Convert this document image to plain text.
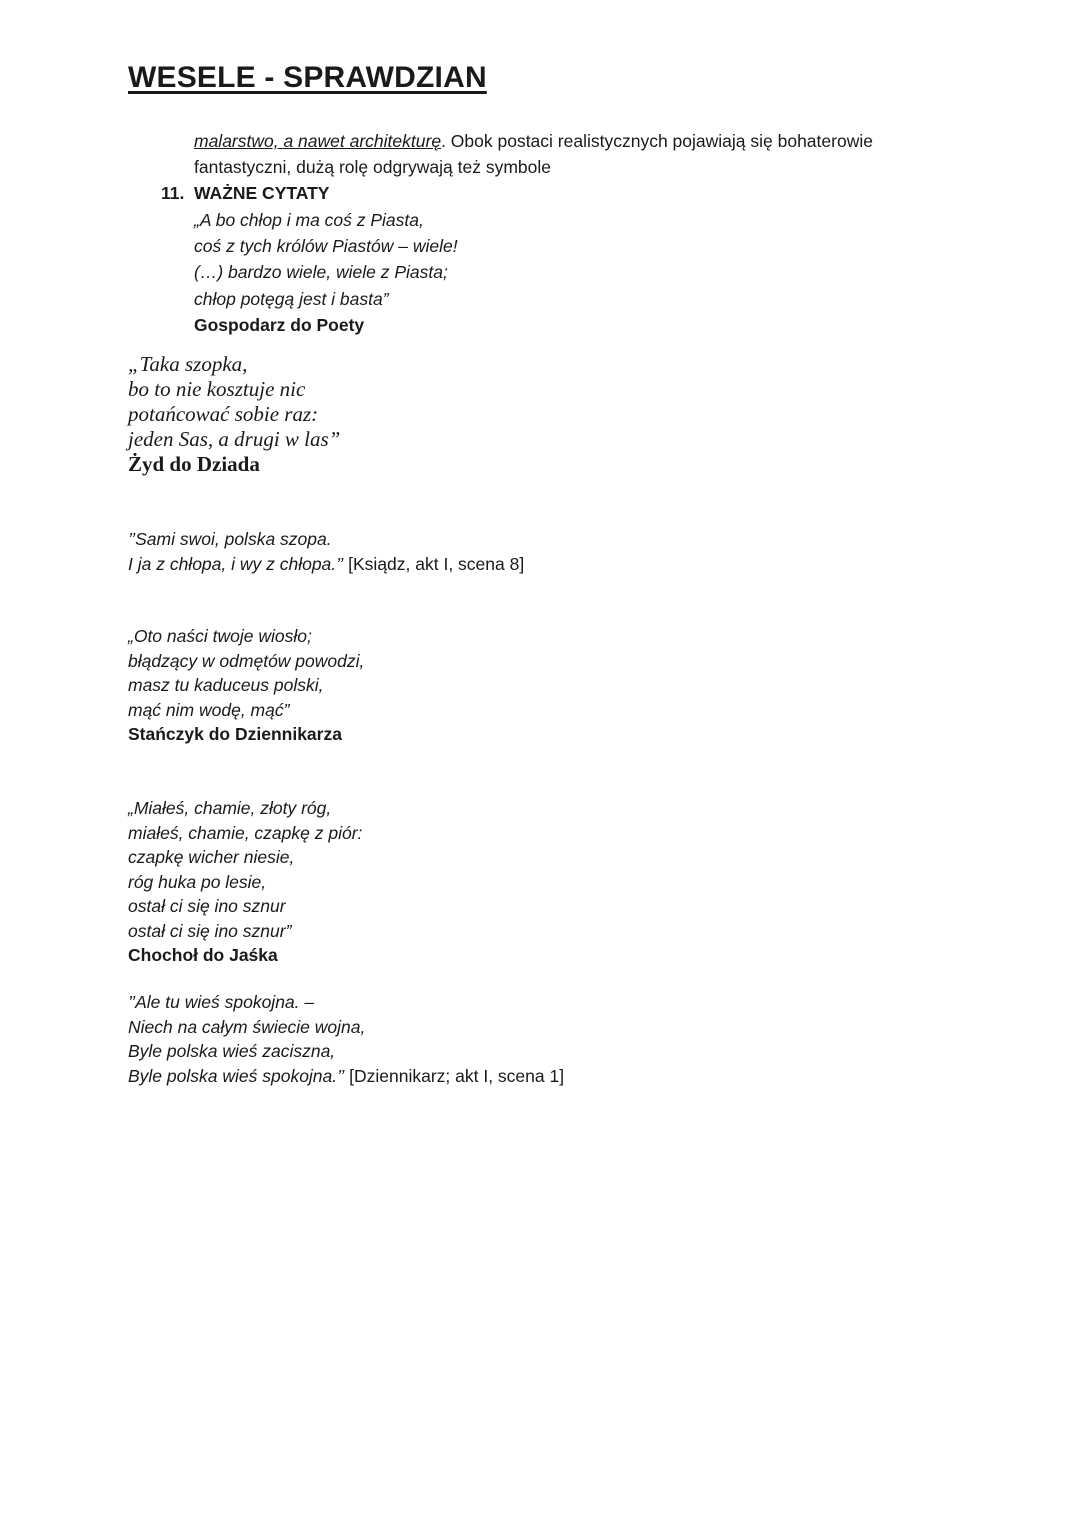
WESELE - SPRAWDZIAN
malarstwo, a nawet architekturę. Obok postaci realistycznych pojawiają się bohaterowie
fantastyczni, dużą rolę odgrywają też symbole
11. WAŻNE CYTATY
„A bo chłop i ma coś z Piasta,
coś z tych królów Piastów – wiele!
(…) bardzo wiele, wiele z Piasta;
chłop potęgą jest i basta”
Gospodarz do Poety
„Taka szopka,
bo to nie kosztuje nic
potańcować sobie raz:
jeden Sas, a drugi w las”
Żyd do Dziada
’’Sami swoi, polska szopa.
I ja z chłopa, i wy z chłopa.’’ [Ksiądz, akt I, scena 8]
„Oto naści twoje wiosło;
błądzący w odmętów powodzi,
masz tu kaduceus polski,
mąć nim wodę, mąć”
Stańczyk do Dziennikarza
„Miałeś, chamie, złoty róg,
miałeś, chamie, czapkę z piór:
czapkę wicher niesie,
róg huka po lesie,
ostał ci się ino sznur
ostał ci się ino sznur”
Chochoł do Jaśka
’’Ale tu wieś spokojna. –
Niech na całym świecie wojna,
Byle polska wieś zaciszna,
Byle polska wieś spokojna.’’ [Dziennikarz; akt I, scena 1]
